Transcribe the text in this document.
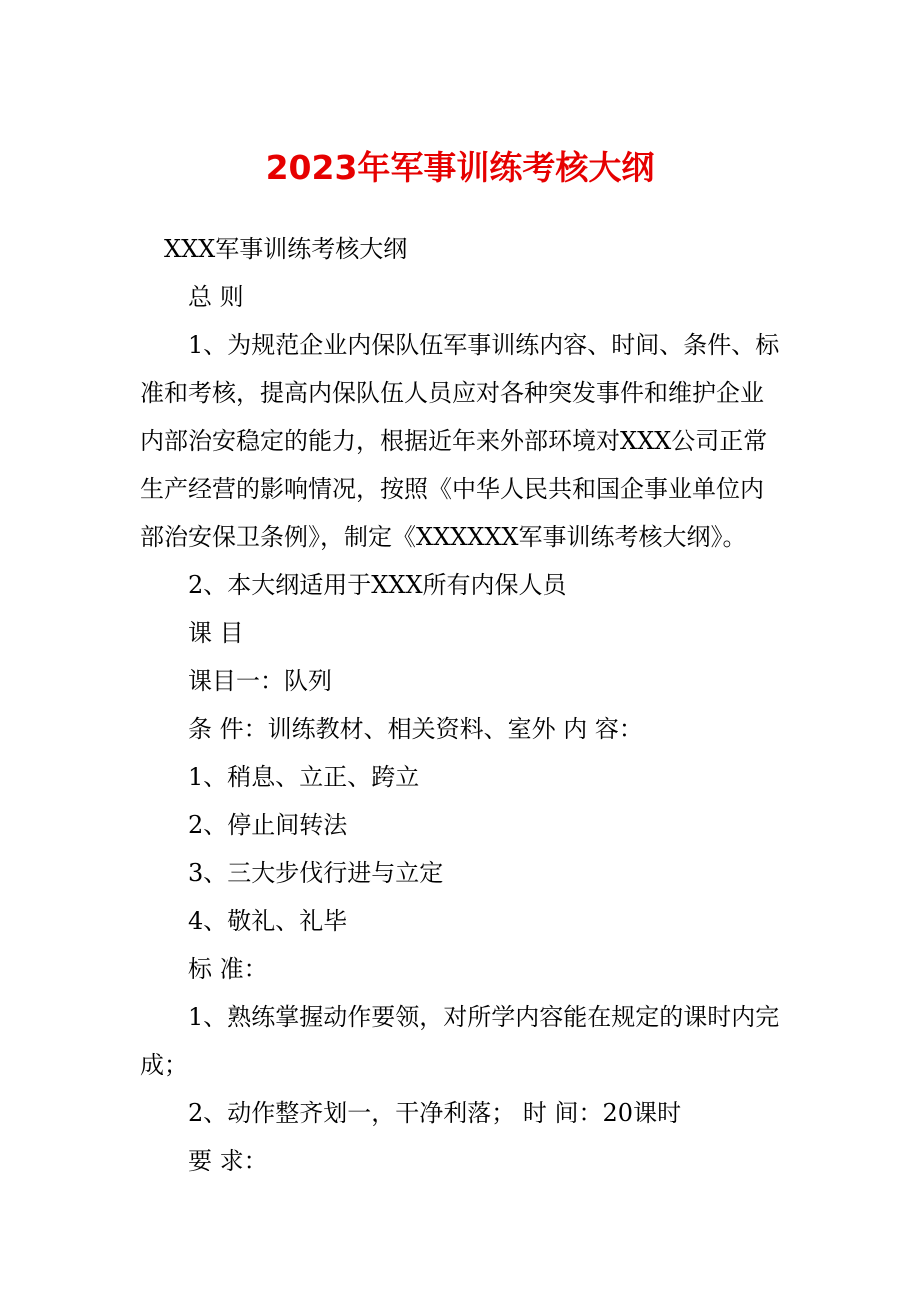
2023年军事训练考核大纲

XXX军事训练考核大纲

总 则

1、为规范企业内保队伍军事训练内容、时间、条件、标准和考核，提高内保队伍人员应对各种突发事件和维护企业内部治安稳定的能力，根据近年来外部环境对XXX公司正常生产经营的影响情况，按照《中华人民共和国企事业单位内部治安保卫条例》，制定《XXXXXX军事训练考核大纲》。

2、本大纲适用于XXX所有内保人员

课 目

课目一：队列

条 件：训练教材、相关资料、室外 内 容：

1、稍息、立正、跨立

2、停止间转法

3、三大步伐行进与立定

4、敬礼、礼毕

标 准：

1、熟练掌握动作要领，对所学内容能在规定的课时内完成；

2、动作整齐划一，干净利落； 时 间：20课时

要 求：
